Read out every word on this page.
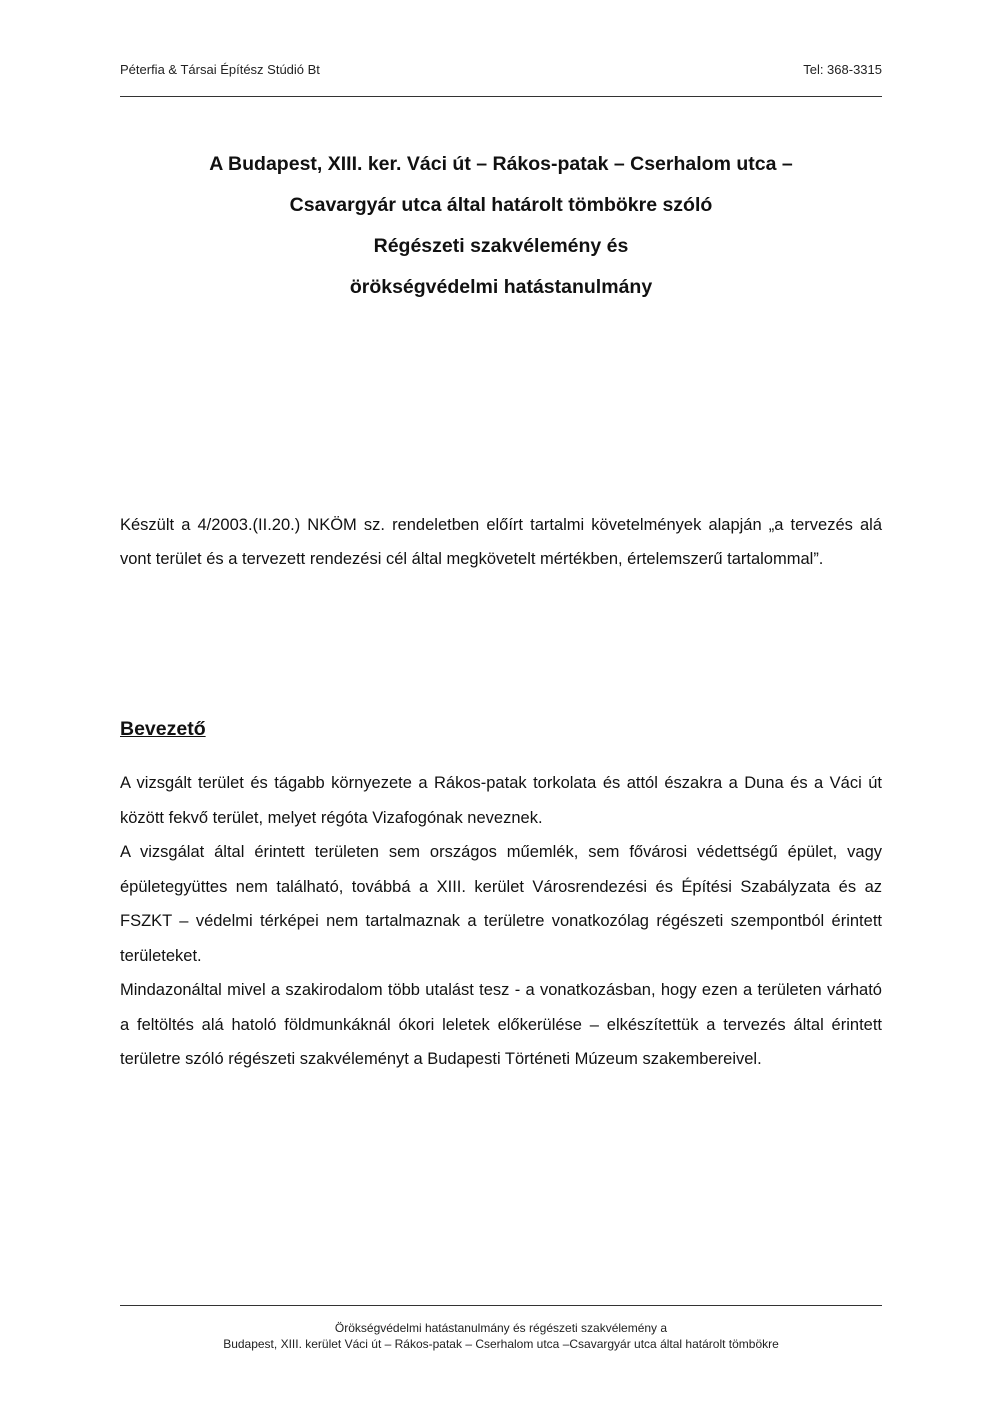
Péterfia & Társai Építész Stúdió Bt	Tel: 368-3315
A Budapest, XIII. ker. Váci út – Rákos-patak – Cserhalom utca –
Csavargyár utca által határolt tömbökre szóló
Régészeti szakvélemény és
örökségvédelmi hatástanulmány

Készült a 4/2003.(II.20.) NKÖM sz. rendeletben előírt tartalmi követelmények alapján „a tervezés alá vont terület és a tervezett rendezési cél által megkövetelt mértékben, értelemszerű tartalommal”.

Bevezető

A vizsgált terület és tágabb környezete a Rákos-patak torkolata és attól északra a Duna és a Váci út között fekvő terület, melyet régóta Vizafogónak neveznek.

A vizsgálat által érintett területen sem országos műemlék, sem fővárosi védettségű épület, vagy épületegyüttes nem található, továbbá a XIII. kerület Városrendezési és Építési Szabályzata és az FSZKT – védelmi térképei nem tartalmaznak a területre vonatkozólag régészeti szempontból érintett területeket.

Mindazonáltal mivel a szakirodalom több utalást tesz - a vonatkozásban, hogy ezen a területen várható a feltöltés alá hatoló földmunkáknál ókori leletek előkerülése – elkészítettük a tervezés által érintett területre szóló régészeti szakvéleményt a Budapesti Történeti Múzeum szakembereivel.

Örökségvédelmi hatástanulmány és régészeti szakvélemény a
Budapest, XIII. kerület Váci út – Rákos-patak – Cserhalom utca –Csavargyár utca által határolt tömbökre
